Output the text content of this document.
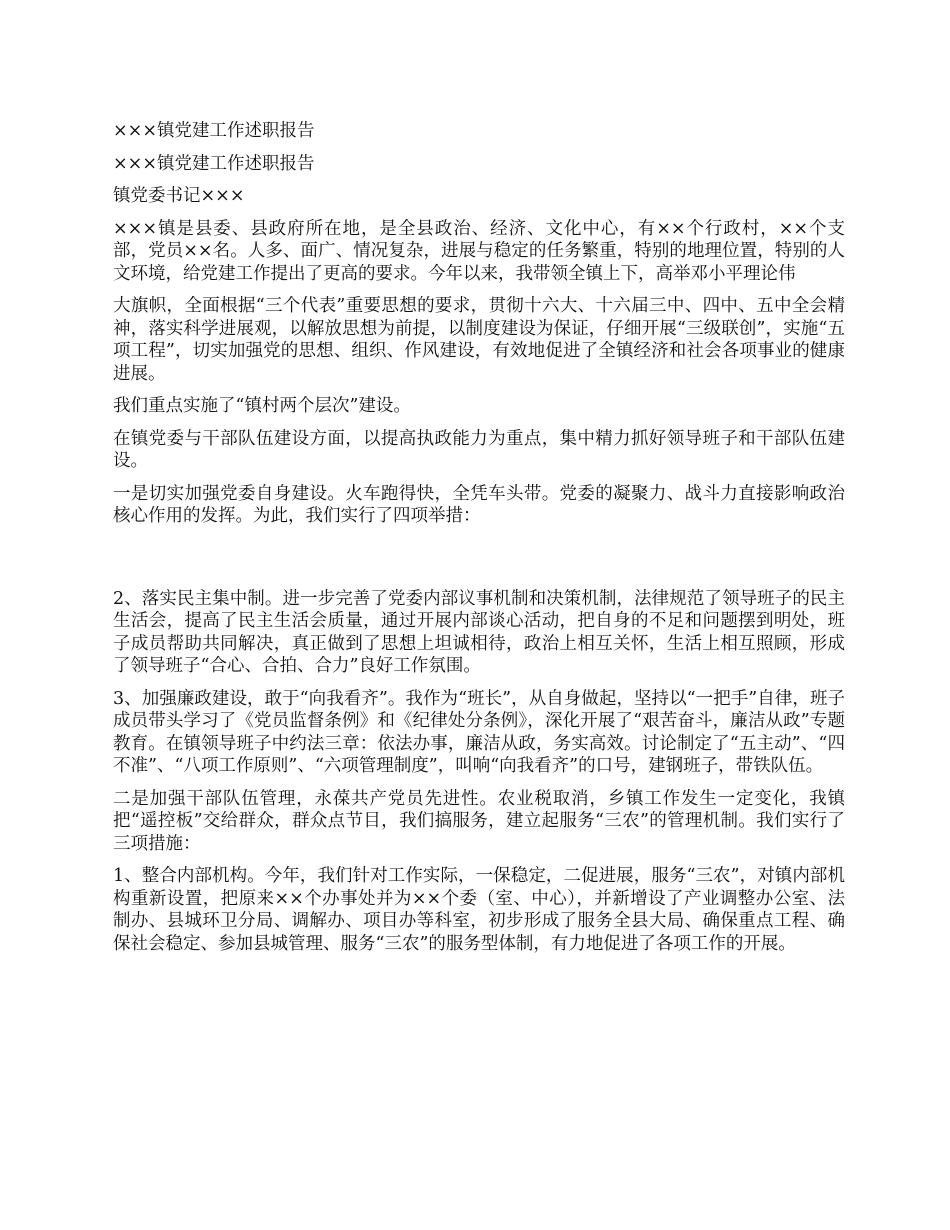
×××镇党建工作述职报告

×××镇党建工作述职报告

镇党委书记×××

×××镇是县委、县政府所在地，是全县政治、经济、文化中心，有××个行政村，××个支部，党员××名。人多、面广、情况复杂，进展与稳定的任务繁重，特别的地理位置，特别的人文环境，给党建工作提出了更高的要求。今年以来，我带领全镇上下，高举邓小平理论伟

大旗帜，全面根据“三个代表”重要思想的要求，贯彻十六大、十六届三中、四中、五中全会精神，落实科学进展观，以解放思想为前提，以制度建设为保证，仔细开展“三级联创”，实施“五项工程”，切实加强党的思想、组织、作风建设，有效地促进了全镇经济和社会各项事业的健康进展。

我们重点实施了“镇村两个层次”建设。

在镇党委与干部队伍建设方面，以提高执政能力为重点，集中精力抓好领导班子和干部队伍建设。

一是切实加强党委自身建设。火车跑得快，全凭车头带。党委的凝聚力、战斗力直接影响政治核心作用的发挥。为此，我们实行了四项举措：

2、落实民主集中制。进一步完善了党委内部议事机制和决策机制，法律规范了领导班子的民主生活会，提高了民主生活会质量，通过开展内部谈心活动，把自身的不足和问题摆到明处，班子成员帮助共同解决，真正做到了思想上坦诚相待，政治上相互关怀，生活上相互照顾，形成了领导班子“合心、合拍、合力”良好工作氛围。

3、加强廉政建设，敢于“向我看齐”。我作为“班长”，从自身做起，坚持以“一把手”自律，班子成员带头学习了《党员监督条例》和《纪律处分条例》，深化开展了“艰苦奋斗，廉洁从政”专题教育。在镇领导班子中约法三章：依法办事，廉洁从政，务实高效。讨论制定了“五主动”、“四不准”、“八项工作原则”、“六项管理制度”，叫响“向我看齐”的口号，建钢班子，带铁队伍。

二是加强干部队伍管理，永葆共产党员先进性。农业税取消，乡镇工作发生一定变化，我镇把“遥控板”交给群众，群众点节目，我们搞服务，建立起服务“三农”的管理机制。我们实行了三项措施：

1、整合内部机构。今年，我们针对工作实际，一保稳定，二促进展，服务“三农”，对镇内部机构重新设置，把原来××个办事处并为××个委（室、中心），并新增设了产业调整办公室、法制办、县城环卫分局、调解办、项目办等科室，初步形成了服务全县大局、确保重点工程、确保社会稳定、参加县城管理、服务“三农”的服务型体制，有力地促进了各项工作的开展。
